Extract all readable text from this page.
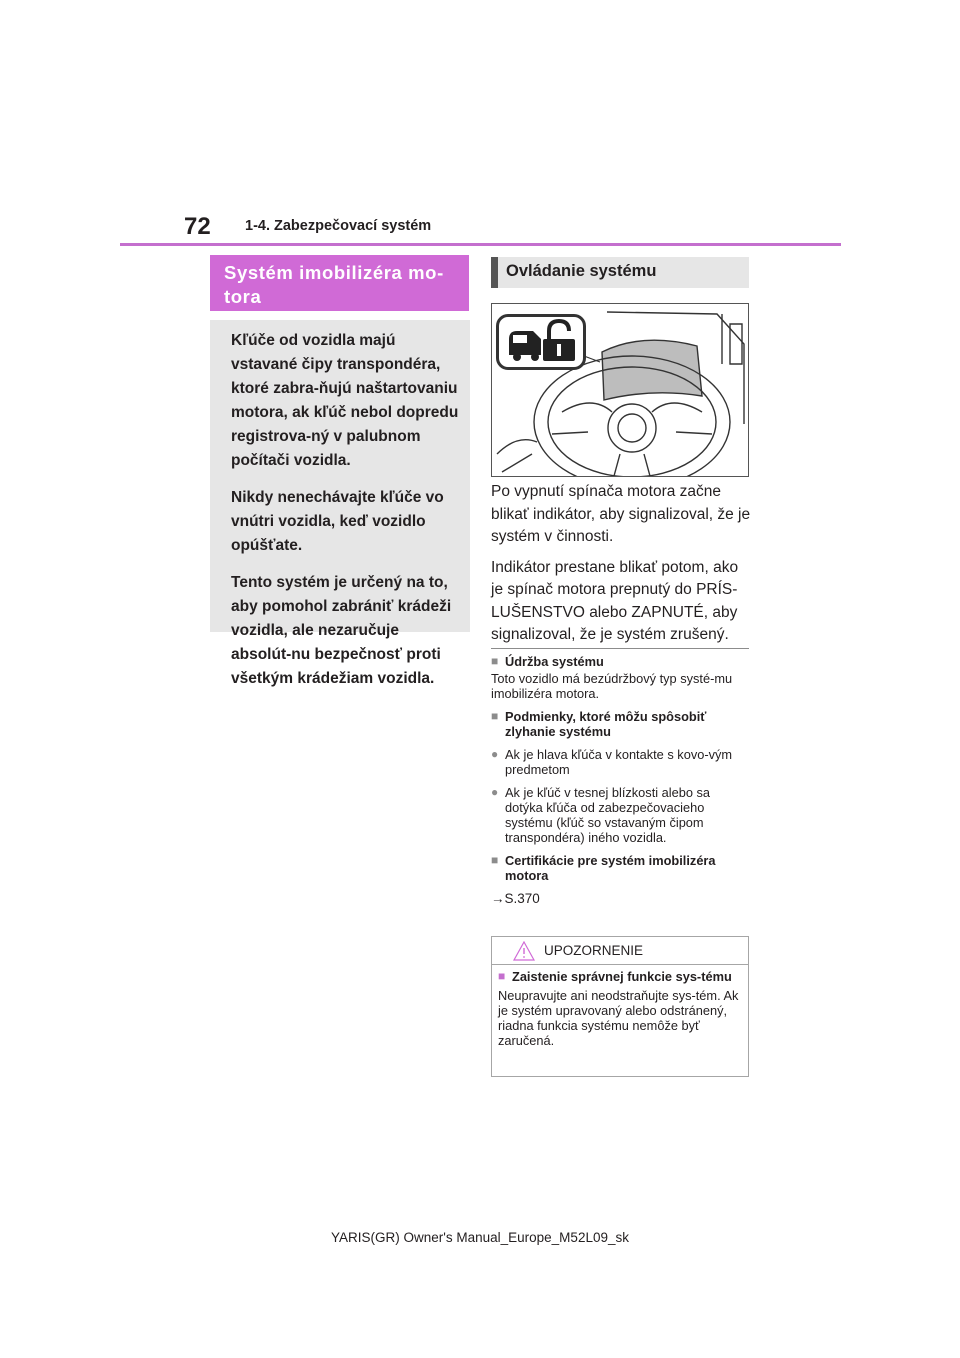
72 1-4. Zabezpečovací systém
Systém imobilizéra mo-tora

Kľúče od vozidla majú vstavané čipy transpondéra, ktoré zabra-ňujú naštartovaniu motora, ak kľúč nebol dopredu registrova-ný v palubnom počítači vozidla.

Nikdy nenechávajte kľúče vo vnútri vozidla, keď vozidlo opúšťate.

Tento systém je určený na to, aby pomohol zabrániť krádeži vozidla, ale nezaručuje absolút-nu bezpečnosť proti všetkým krádežiam vozidla.

Ovládanie systému

Po vypnutí spínača motora začne blikať indikátor, aby signalizoval, že je systém v činnosti.

Indikátor prestane blikať potom, ako je spínač motora prepnutý do PRÍS-LUŠENSTVO alebo ZAPNUTÉ, aby signalizoval, že je systém zrušený.

■ Údržba systému
Toto vozidlo má bezúdržbový typ systé-mu imobilizéra motora.
■ Podmienky, ktoré môžu spôsobiť zlyhanie systému
● Ak je hlava kľúča v kontakte s kovo-vým predmetom
● Ak je kľúč v tesnej blízkosti alebo sa dotýka kľúča od zabezpečovacieho systému (kľúč so vstavaným čipom transpondéra) iného vozidla.
■ Certifikácie pre systém imobilizéra motora
→S.370
UPOZORNENIE
■ Zaistenie správnej funkcie sys-tému
Neupravujte ani neodstraňujte sys-tém. Ak je systém upravovaný alebo odstránený, riadna funkcia systému nemôže byť zaručená.
YARIS(GR) Owner's Manual_Europe_M52L09_sk
